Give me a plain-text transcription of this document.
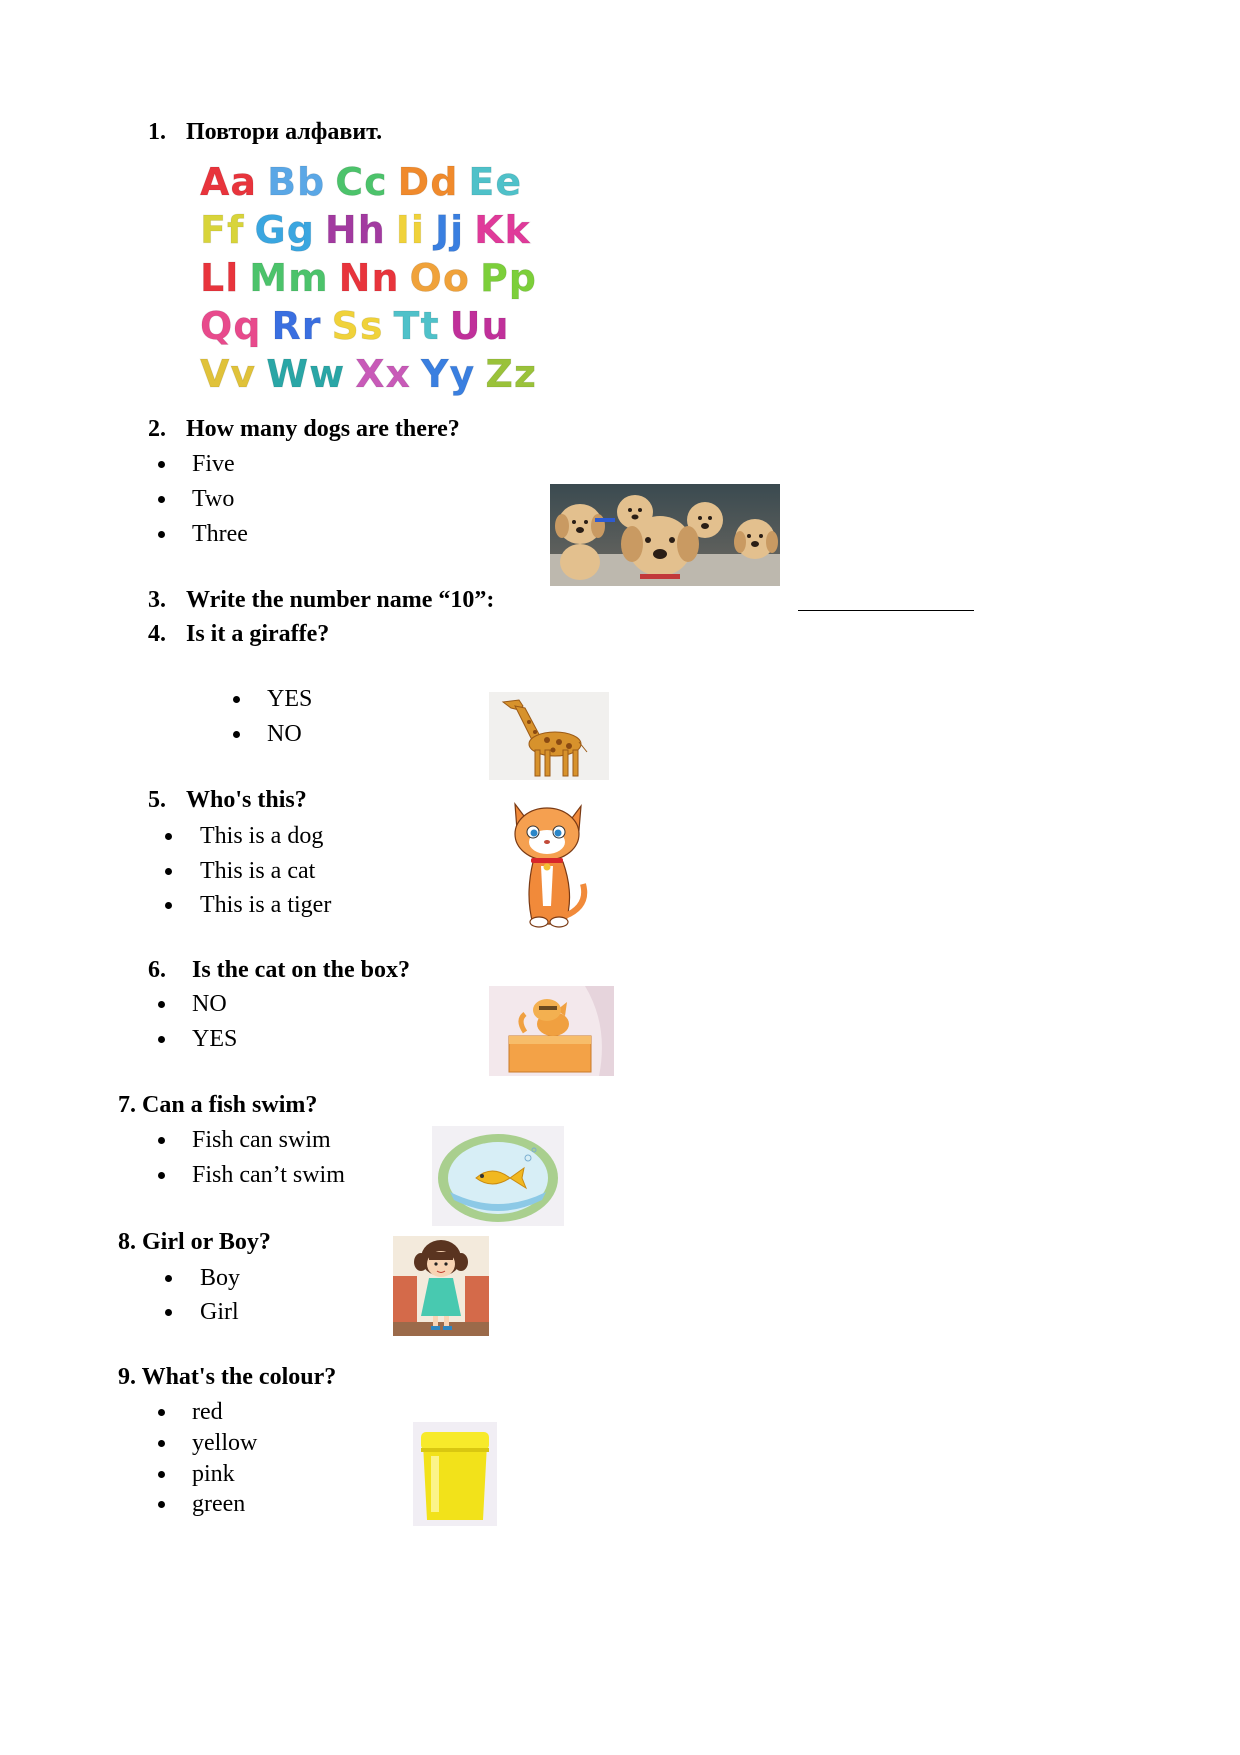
1. Повтори алфавит.
Aa Bb Cc Dd Ee
Ff Gg Hh Ii Jj Kk
Ll Mm Nn Oo Pp
Qq Rr Ss Tt Uu
Vv Ww Xx Yy Zz
2. How many dogs are there?
Five
Two
Three
3. Write the number name “10”:
4. Is it a giraffe?
YES
NO
5. Who's this?
This is a dog
This is a cat
This is a tiger
6. Is the cat on the box?
NO
YES
7. Can a fish swim?
Fish can swim
Fish can’t swim
8. Girl or Boy?
Boy
Girl
9. What's the colour?
red
yellow
pink
green
